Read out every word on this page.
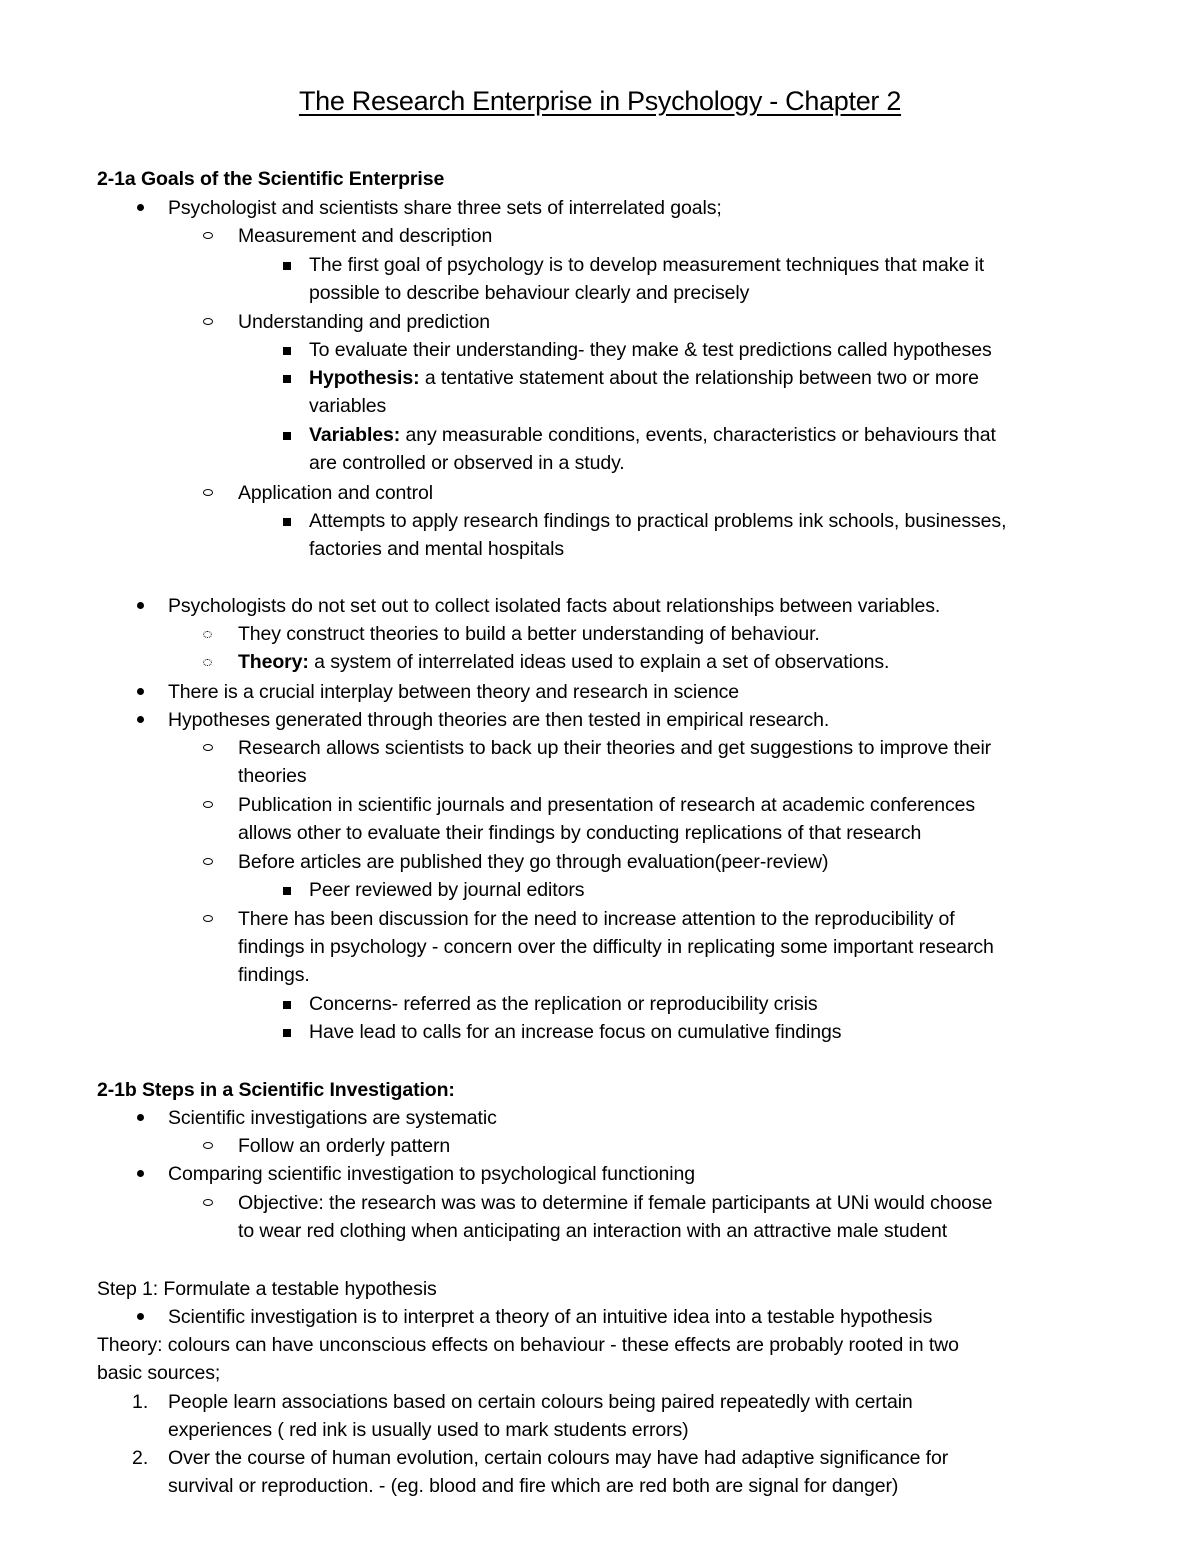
The Research Enterprise in Psychology - Chapter 2
2-1a Goals of the Scientific Enterprise
Psychologist and scientists share three sets of interrelated goals;
Measurement and description
The first goal of psychology is to develop measurement techniques that make it
possible to describe behaviour clearly and precisely
Understanding and prediction
To evaluate their understanding- they make & test predictions called hypotheses
Hypothesis: a tentative statement about the relationship between two or more
variables
Variables: any measurable conditions, events, characteristics or behaviours that
are controlled or observed in a study.
Application and control
Attempts to apply research findings to practical problems ink schools, businesses,
factories and mental hospitals
Psychologists do not set out to collect isolated facts about relationships between variables.
They construct theories to build a better understanding of behaviour.
Theory: a system of interrelated ideas used to explain a set of observations.
There is a crucial interplay between theory and research in science
Hypotheses generated through theories are then tested in empirical research.
Research allows scientists to back up their theories and get suggestions to improve their
theories
Publication in scientific journals and presentation of research at academic conferences
allows other to evaluate their findings by conducting replications of that research
Before articles are published they go through evaluation(peer-review)
Peer reviewed by journal editors
There has been discussion for the need to increase attention to the reproducibility of
findings in psychology - concern over the difficulty in replicating some important research
findings.
Concerns- referred as the replication or reproducibility crisis
Have lead to calls for an increase focus on cumulative findings
2-1b Steps in a Scientific Investigation:
Scientific investigations are systematic
Follow an orderly pattern
Comparing scientific investigation to psychological functioning
Objective: the research was was to determine if female participants at UNi would choose
to wear red clothing when anticipating an interaction with an attractive male student
Step 1: Formulate a testable hypothesis
Scientific investigation is to interpret a theory of an intuitive idea into a testable hypothesis
Theory: colours can have unconscious effects on behaviour - these effects are probably rooted in two
basic sources;
1. People learn associations based on certain colours being paired repeatedly with certain
experiences ( red ink is usually used to mark students errors)
2. Over the course of human evolution, certain colours may have had adaptive significance for
survival or reproduction. - (eg. blood and fire which are red both are signal for danger)
